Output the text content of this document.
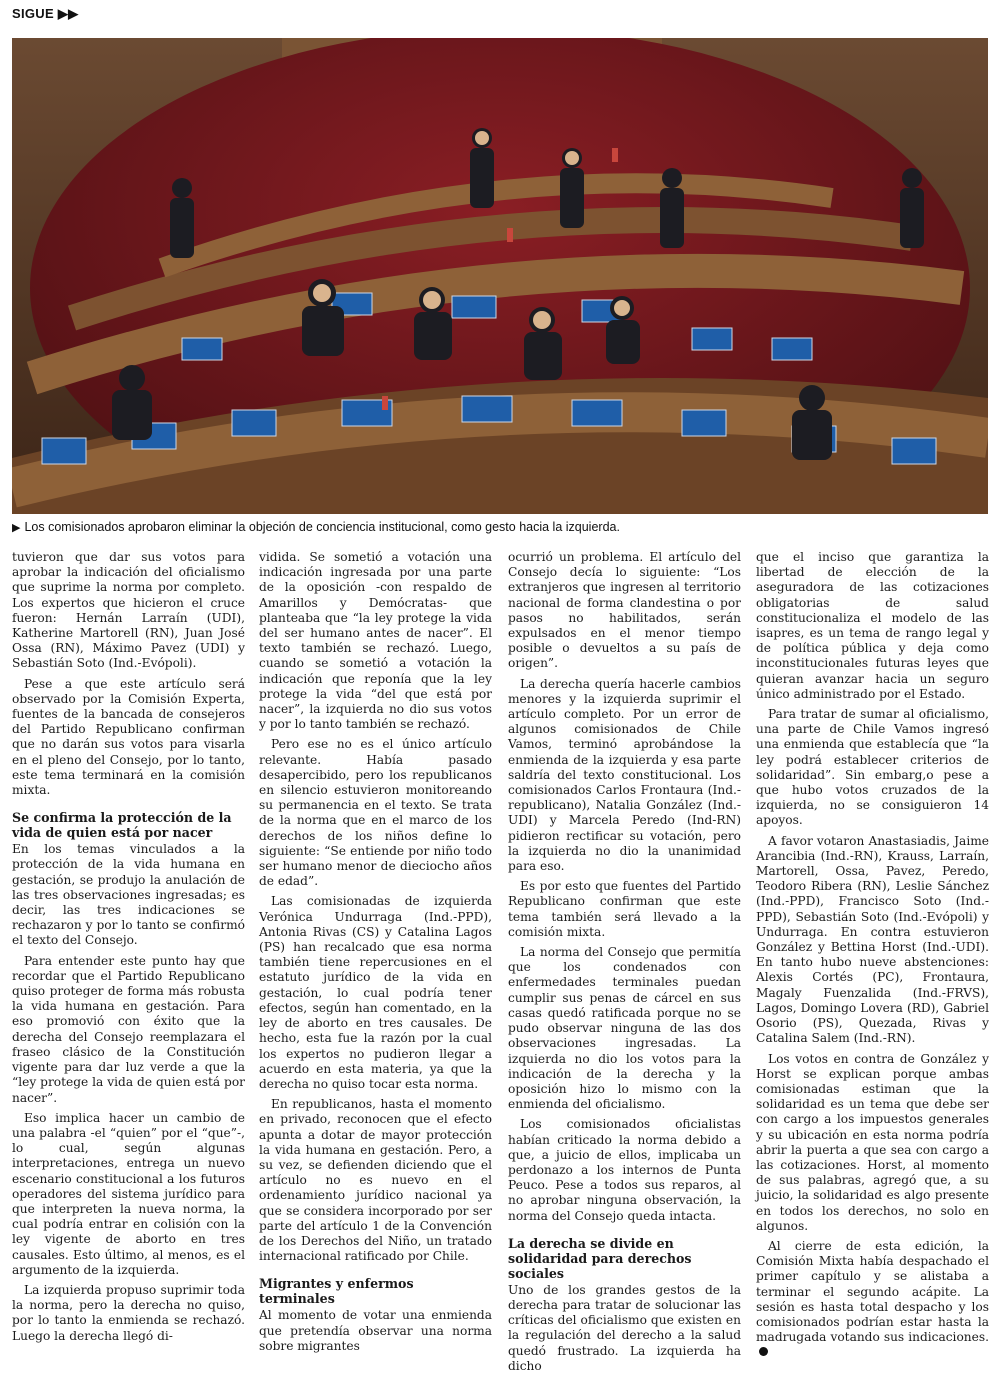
SIGUE ▶▶
▶ Los comisionados aprobaron eliminar la objeción de conciencia institucional, como gesto hacia la izquierda.

tuvieron que dar sus votos para aprobar la indicación del oficialismo que suprime la norma por completo. Los expertos que hicieron el cruce fueron: Hernán Larraín (UDI), Katherine Martorell (RN), Juan José Ossa (RN), Máximo Pavez (UDI) y Sebastián Soto (Ind.-Evópoli).

Pese a que este artículo será observado por la Comisión Experta, fuentes de la bancada de consejeros del Partido Republicano confirman que no darán sus votos para visarla en el pleno del Consejo, por lo tanto, este tema terminará en la comisión mixta.

Se confirma la protección de la vida de quien está por nacer

En los temas vinculados a la protección de la vida humana en gestación, se produjo la anulación de las tres observaciones ingresadas; es decir, las tres indicaciones se rechazaron y por lo tanto se confirmó el texto del Consejo.

Para entender este punto hay que recordar que el Partido Republicano quiso proteger de forma más robusta la vida humana en gestación. Para eso promovió con éxito que la derecha del Consejo reemplazara el fraseo clásico de la Constitución vigente para dar luz verde a que la “ley protege la vida de quien está por nacer”.

Eso implica hacer un cambio de una palabra -el “quien” por el “que”-, lo cual, según algunas interpretaciones, entrega un nuevo escenario constitucional a los futuros operadores del sistema jurídico para que interpreten la nueva norma, la cual podría entrar en colisión con la ley vigente de aborto en tres causales. Esto último, al menos, es el argumento de la izquierda.

La izquierda propuso suprimir toda la norma, pero la derecha no quiso, por lo tanto la enmienda se rechazó. Luego la derecha llegó di-

vidida. Se sometió a votación una indicación ingresada por una parte de la oposición -con respaldo de Amarillos y Demócratas- que planteaba que “la ley protege la vida del ser humano antes de nacer”. El texto también se rechazó. Luego, cuando se sometió a votación la indicación que reponía que la ley protege la vida “del que está por nacer”, la izquierda no dio sus votos y por lo tanto también se rechazó.

Pero ese no es el único artículo relevante. Había pasado desapercibido, pero los republicanos en silencio estuvieron monitoreando su permanencia en el texto. Se trata de la norma que en el marco de los derechos de los niños define lo siguiente: “Se entiende por niño todo ser humano menor de dieciocho años de edad”.

Las comisionadas de izquierda Verónica Undurraga (Ind.-PPD), Antonia Rivas (CS) y Catalina Lagos (PS) han recalcado que esa norma también tiene repercusiones en el estatuto jurídico de la vida en gestación, lo cual podría tener efectos, según han comentado, en la ley de aborto en tres causales. De hecho, esta fue la razón por la cual los expertos no pudieron llegar a acuerdo en esta materia, ya que la derecha no quiso tocar esta norma.

En republicanos, hasta el momento en privado, reconocen que el efecto apunta a dotar de mayor protección la vida humana en gestación. Pero, a su vez, se defienden diciendo que el artículo no es nuevo en el ordenamiento jurídico nacional ya que se considera incorporado por ser parte del artículo 1 de la Convención de los Derechos del Niño, un tratado internacional ratificado por Chile.

Migrantes y enfermos terminales

Al momento de votar una enmienda que pretendía observar una norma sobre migrantes

ocurrió un problema. El artículo del Consejo decía lo siguiente: “Los extranjeros que ingresen al territorio nacional de forma clandestina o por pasos no habilitados, serán expulsados en el menor tiempo posible o devueltos a su país de origen”.

La derecha quería hacerle cambios menores y la izquierda suprimir el artículo completo. Por un error de algunos comisionados de Chile Vamos, terminó aprobándose la enmienda de la izquierda y esa parte saldría del texto constitucional. Los comisionados Carlos Frontaura (Ind.-republicano), Natalia González (Ind.-UDI) y Marcela Peredo (Ind-RN) pidieron rectificar su votación, pero la izquierda no dio la unanimidad para eso.

Es por esto que fuentes del Partido Republicano confirman que este tema también será llevado a la comisión mixta.

La norma del Consejo que permitía que los condenados con enfermedades terminales puedan cumplir sus penas de cárcel en sus casas quedó ratificada porque no se pudo observar ninguna de las dos observaciones ingresadas. La izquierda no dio los votos para la indicación de la derecha y la oposición hizo lo mismo con la enmienda del oficialismo.

Los comisionados oficialistas habían criticado la norma debido a que, a juicio de ellos, implicaba un perdonazo a los internos de Punta Peuco. Pese a todos sus reparos, al no aprobar ninguna observación, la norma del Consejo queda intacta.

La derecha se divide en solidaridad para derechos sociales

Uno de los grandes gestos de la derecha para tratar de solucionar las críticas del oficialismo que existen en la regulación del derecho a la salud quedó frustrado. La izquierda ha dicho

que el inciso que garantiza la libertad de elección de la aseguradora de las cotizaciones obligatorias de salud constitucionaliza el modelo de las isapres, es un tema de rango legal y de política pública y deja como inconstitucionales futuras leyes que quieran avanzar hacia un seguro único administrado por el Estado.

Para tratar de sumar al oficialismo, una parte de Chile Vamos ingresó una enmienda que establecía que “la ley podrá establecer criterios de solidaridad”. Sin embarg,o pese a que hubo votos cruzados de la izquierda, no se consiguieron 14 apoyos.

A favor votaron Anastasiadis, Jaime Arancibia (Ind.-RN), Krauss, Larraín, Martorell, Ossa, Pavez, Peredo, Teodoro Ribera (RN), Leslie Sánchez (Ind.-PPD), Francisco Soto (Ind.-PPD), Sebastián Soto (Ind.-Evópoli) y Undurraga. En contra estuvieron González y Bettina Horst (Ind.-UDI). En tanto hubo nueve abstenciones: Alexis Cortés (PC), Frontaura, Magaly Fuenzalida (Ind.-FRVS), Lagos, Domingo Lovera (RD), Gabriel Osorio (PS), Quezada, Rivas y Catalina Salem (Ind.-RN).

Los votos en contra de González y Horst se explican porque ambas comisionadas estiman que la solidaridad es un tema que debe ser con cargo a los impuestos generales y su ubicación en esta norma podría abrir la puerta a que sea con cargo a las cotizaciones. Horst, al momento de sus palabras, agregó que, a su juicio, la solidaridad es algo presente en todos los derechos, no solo en algunos.

Al cierre de esta edición, la Comisión Mixta había despachado el primer capítulo y se alistaba a terminar el segundo acápite. La sesión es hasta total despacho y los comisionados podrían estar hasta la madrugada votando sus indicaciones.
